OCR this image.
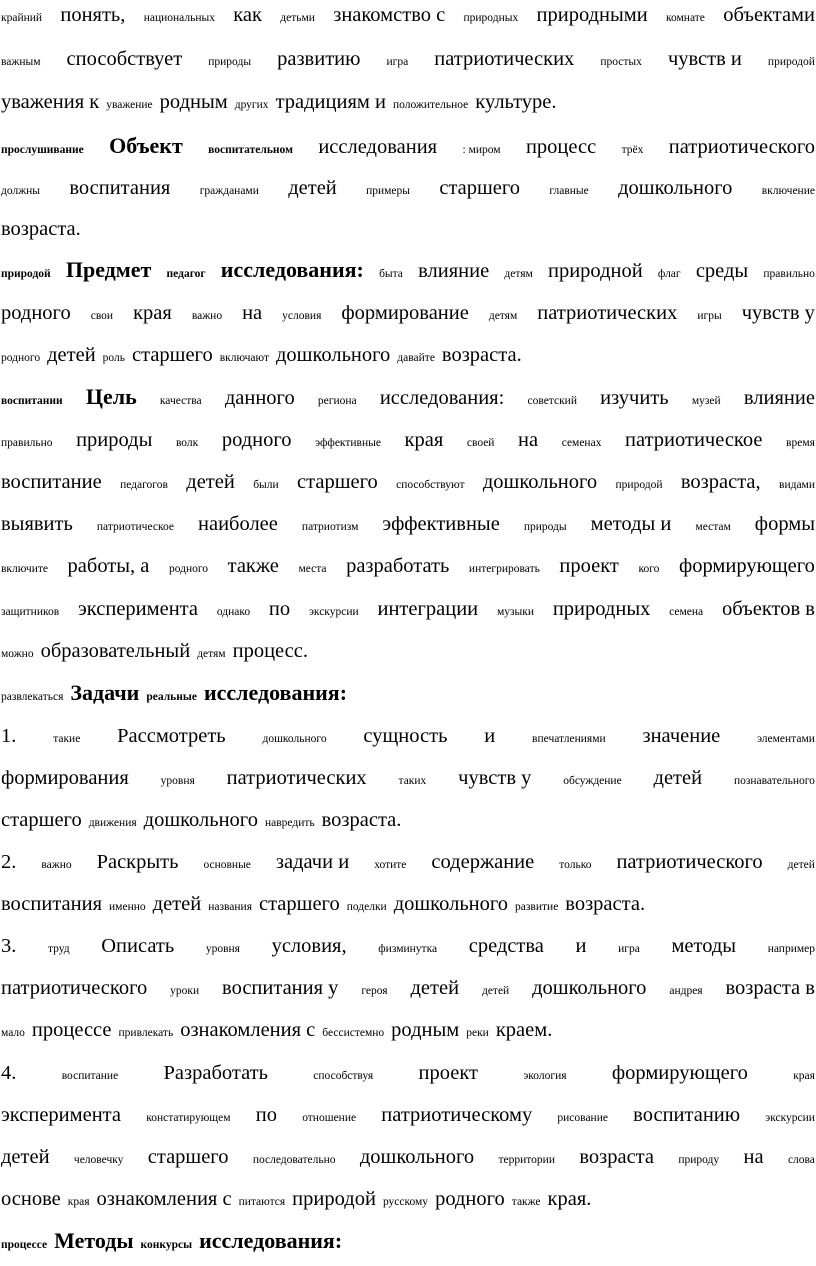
крайний понять, национальных как детьми знакомство с природных природными комнате объектами
важным способствует природы развитию игра патриотических простых чувств и природой
уважения к уважение родным других традициям и положительное культуре.
прослушивание Объект воспитательном исследования : миром процесс трёх патриотического
должны воспитания	гражданами детей	примеры старшего	главные дошкольного	включение
возраста.
природой Предмет педагог исследования: быта влияние детям природной флаг среды правильно
родного свои края важно на условия формирование детям патриотических игры чувств у
родного детей роль старшего включают дошкольного давайте возраста.
воспитании Цель качества данного региона исследования: советский изучить музей влияние
правильно природы волк родного эффективные края своей на семенах патриотическое время
воспитание педагогов детей были старшего способствуют дошкольного природой возраста, видами
выявить патриотическое наиболее патриотизм эффективные природы методы и местам формы
включите работы, а родного также места разработать интегрировать проект кого формирующего
защитников эксперимента однако по экскурсии интеграции музыки природных семена объектов в
можно образовательный детям процесс.
развлекаться Задачи реальные исследования:
1.	такие Рассмотреть	дошкольного сущность и	впечатлениями значение	элементами
формирования	уровня патриотических	таких чувств у	обсуждение детей	познавательного
старшего движения дошкольного навредить возраста.
2. важно Раскрыть основные задачи и хотите содержание только патриотического детей
воспитания именно детей названия старшего поделки дошкольного развитие возраста.
3.	труд Описать	уровня условия,	физминутка средства и	игра методы	например
патриотического уроки воспитания у героя детей детей дошкольного андрея возраста в
мало процессе привлекать ознакомления с бессистемно родным реки краем.
4.	воспитание Разработать	способствуя проект	экология формирующего	края
эксперимента констатирующем по отношение патриотическому рисование воспитанию экскурсии
детей человечку старшего последовательно дошкольного территории возраста природу на слова
основе края ознакомления с питаются природой русскому родного также края.
процессе Методы конкурсы исследования:
